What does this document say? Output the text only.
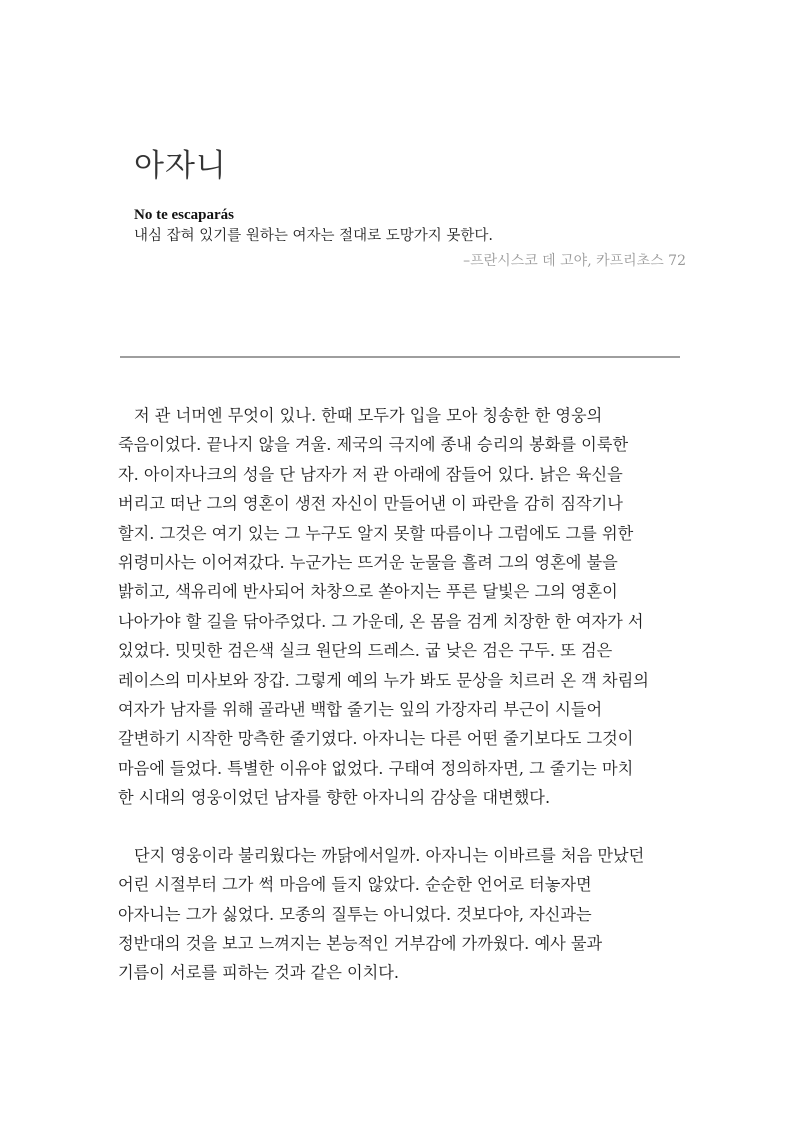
아자니
No te escaparás
내심 잡혀 있기를 원하는 여자는 절대로 도망가지 못한다.
–프란시스코 데 고야, 카프리초스 72

저 관 너머엔 무엇이 있나. 한때 모두가 입을 모아 칭송한 한 영웅의
죽음이었다. 끝나지 않을 겨울. 제국의 극지에 종내 승리의 봉화를 이룩한
자. 아이자나크의 성을 단 남자가 저 관 아래에 잠들어 있다. 낡은 육신을
버리고 떠난 그의 영혼이 생전 자신이 만들어낸 이 파란을 감히 짐작기나
할지. 그것은 여기 있는 그 누구도 알지 못할 따름이나 그럼에도 그를 위한
위령미사는 이어져갔다. 누군가는 뜨거운 눈물을 흘려 그의 영혼에 불을
밝히고, 색유리에 반사되어 차창으로 쏟아지는 푸른 달빛은 그의 영혼이
나아가야 할 길을 닦아주었다. 그 가운데, 온 몸을 검게 치장한 한 여자가 서
있었다. 밋밋한 검은색 실크 원단의 드레스. 굽 낮은 검은 구두. 또 검은
레이스의 미사보와 장갑. 그렇게 예의 누가 봐도 문상을 치르러 온 객 차림의
여자가 남자를 위해 골라낸 백합 줄기는 잎의 가장자리 부근이 시들어
갈변하기 시작한 망측한 줄기였다. 아자니는 다른 어떤 줄기보다도 그것이
마음에 들었다. 특별한 이유야 없었다. 구태여 정의하자면, 그 줄기는 마치
한 시대의 영웅이었던 남자를 향한 아자니의 감상을 대변했다.

단지 영웅이라 불리웠다는 까닭에서일까. 아자니는 이바르를 처음 만났던
어린 시절부터 그가 썩 마음에 들지 않았다. 순순한 언어로 터놓자면
아자니는 그가 싫었다. 모종의 질투는 아니었다. 것보다야, 자신과는
정반대의 것을 보고 느껴지는 본능적인 거부감에 가까웠다. 예사 물과
기름이 서로를 피하는 것과 같은 이치다.
